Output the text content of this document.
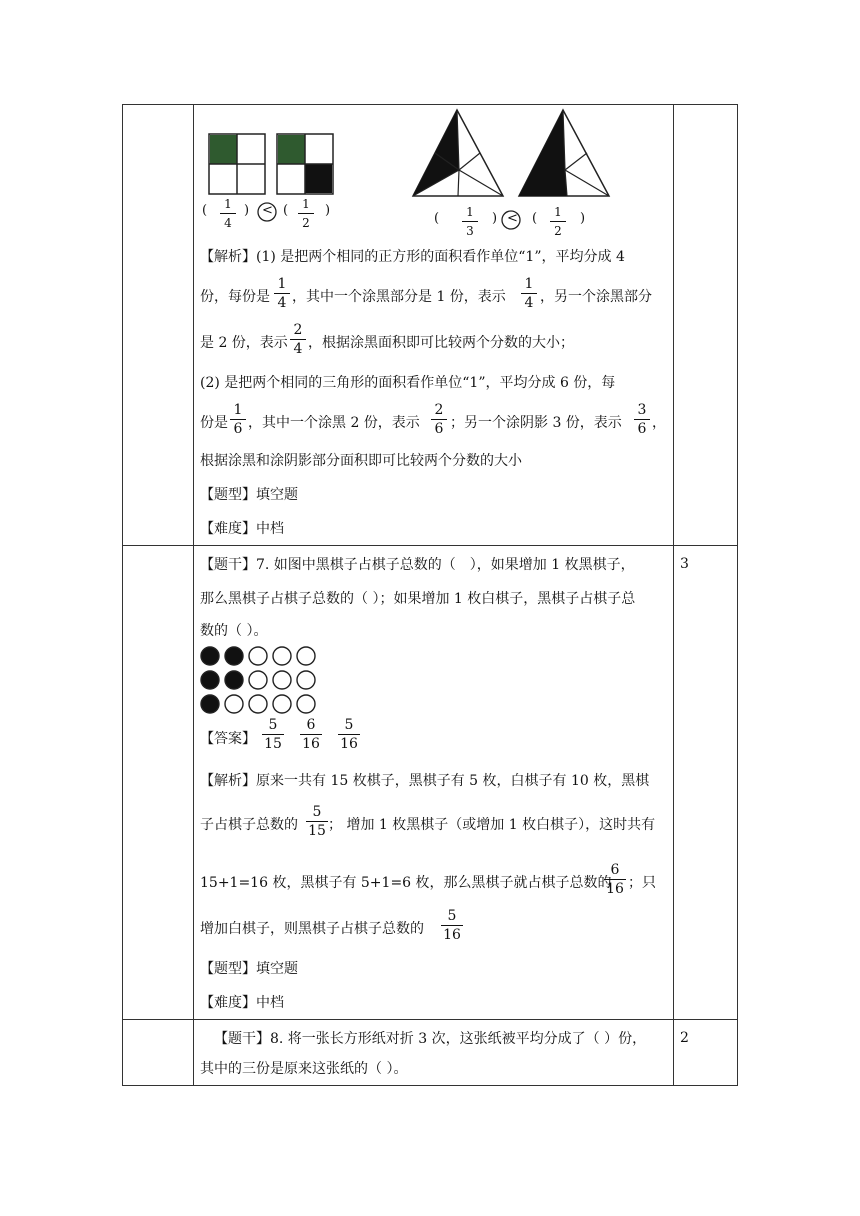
(	1
4
) < (	1
2
)
(	1
3
) < (	1
2
)
【解析】(1) 是把两个相同的正方形的面积看作单位“1”，平均分成 4
份，每份是
1
4 ，其中一个涂黑部分是 1 份，表示
1
4 ，另一个涂黑部分
是 2 份，表示
2
4 ，根据涂黑面积即可比较两个分数的大小；
(2) 是把两个相同的三角形的面积看作单位“1”，平均分成 6 份，每
份是
1
6 ，其中一个涂黑 2 份，表示
2
6 ；另一个涂阴影 3 份，表示
3
6 ，
根据涂黑和涂阴影部分面积即可比较两个分数的大小
【题型】填空题
【难度】中档
3
【题干】7. 如图中黑棋子占棋子总数的（　），如果增加 1 枚黑棋子，
那么黑棋子占棋子总数的（ ）；如果增加 1 枚白棋子，黑棋子占棋子总
数的（ ）。
【答案】
5
15
6
16
5
16
【解析】原来一共有 15 枚棋子，黑棋子有 5 枚，白棋子有 10 枚，黑棋
子占棋子总数的
5
15 ； 增加 1 枚黑棋子（或增加 1 枚白棋子），这时共有
15+1=16 枚，黑棋子有 5+1=6 枚，那么黑棋子就占棋子总数的
6
16 ；只
增加白棋子，则黑棋子占棋子总数的
5
16
【题型】填空题
【难度】中档
2
【题干】8. 将一张长方形纸对折 3 次，这张纸被平均分成了（ ）份，
其中的三份是原来这张纸的（ ）。
